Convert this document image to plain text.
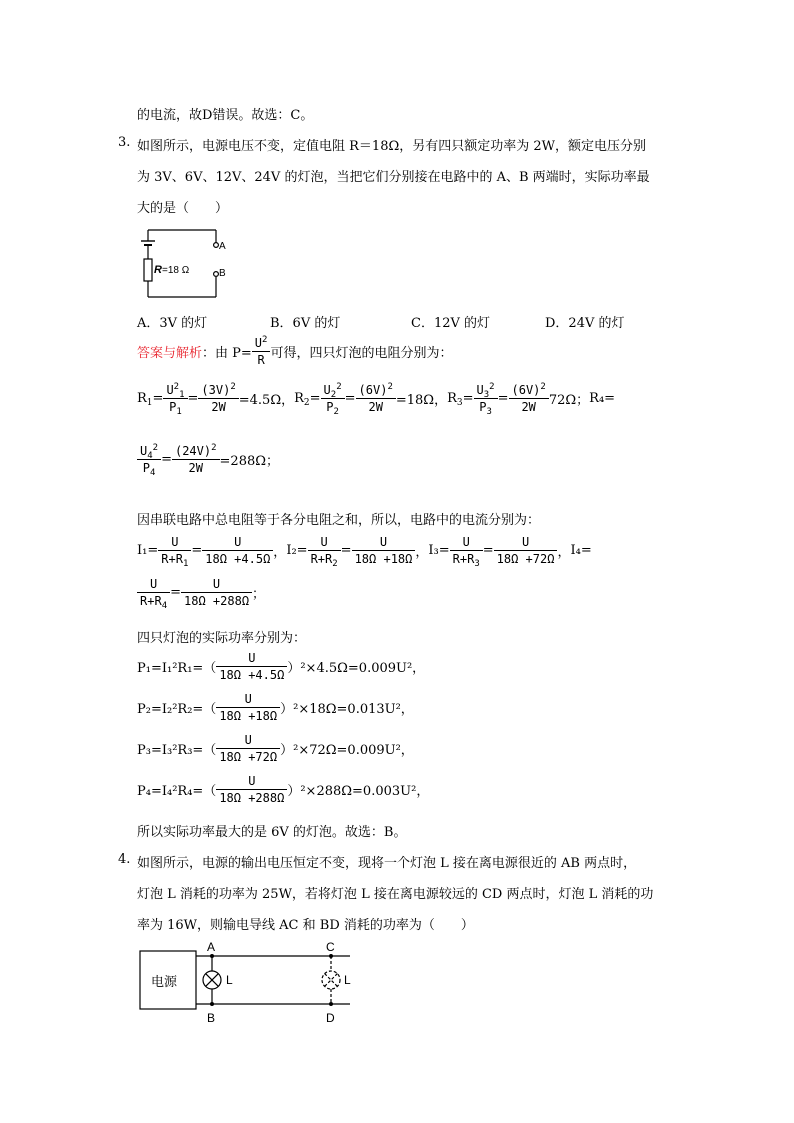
的电流，故D错误。故选：C。
3. 如图所示，电源电压不变，定值电阻 R＝18Ω，另有四只额定功率为 2W，额定电压分别
为 3V、6V、12V、24V 的灯泡，当把它们分别接在电路中的 A、B 两端时，实际功率最
大的是（　　）
A
B
R =18 Ω
A．3V 的灯	B．6V 的灯	C．12V 的灯	D．24V 的灯
答案与解析 ：由 $P= \frac{U^2}{R}$ 可得，四只灯泡的电阻分别为：
$R_1= \frac{U^2_1}{P_1} = \frac{(3V)^2}{2W} =4.5\Omega$， $R_2= \frac{U_2^2}{P_2} = \frac{(6V)^2}{2W} =18\Omega$， $R_3= \frac{U_3^2}{P_3} = \frac{(6V)^2}{2W} 72\Omega$； R₄=
$\frac{U_4^2}{P_4} = \frac{(24V)^2}{2W} =288\Omega$；
因串联电路中总电阻等于各分电阻之和，所以，电路中的电流分别为：
$I_1= \frac{U}{R+R_1} = \frac{U}{18\Omega +4.5\Omega}$ ， $I_2= \frac{U}{R+R_2} = \frac{U}{18\Omega +18\Omega}$ ， $I_3= \frac{U}{R+R_3} = \frac{U}{18\Omega +72\Omega}$ ， I₄=
$\frac{U}{R+R_4} = \frac{U}{18\Omega +288\Omega}$ ；
四只灯泡的实际功率分别为：
$P_1=I_1^2R_1=( \frac{U}{18\Omega +4.5\Omega} )^2\times 4.5\Omega=0.009U^2$，
$P_2=I_2^2R_2=( \frac{U}{18\Omega +18\Omega} )^2\times 18\Omega=0.013U^2$，
$P_3=I_3^2R_3=( \frac{U}{18\Omega +72\Omega} )^2\times 72\Omega=0.009U^2$，
$P_4=I_4^2R_4=( \frac{U}{18\Omega +288\Omega} )^2\times 288\Omega=0.003U^2$，
所以实际功率最大的是 6V 的灯泡。故选：B。
4. 如图所示，电源的输出电压恒定不变，现将一个灯泡 L 接在离电源很近的 AB 两点时，
灯泡 L 消耗的功率为 25W，若将灯泡 L 接在离电源较远的 CD 两点时，灯泡 L 消耗的功
率为 16W，则输电导线 AC 和 BD 消耗的功率为（　　）
电源
A
B
L
C
D
L
